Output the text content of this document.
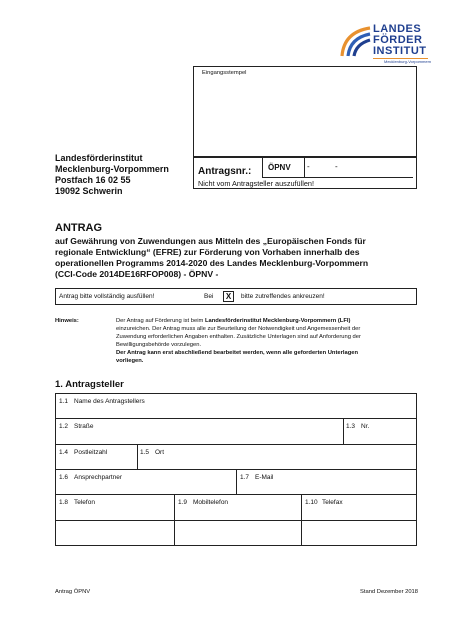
LANDES
FÖRDER
INSTITUT
Mecklenburg-Vorpommern
Eingangsstempel
Landesförderinstitut
Mecklenburg-Vorpommern
Postfach 16 02 55
19092 Schwerin
Antragsnr.: ÖPNV -	-
Nicht vom Antragsteller auszufüllen!
ANTRAG
auf Gewährung von Zuwendungen aus Mitteln des „Europäischen Fonds für
regionale Entwicklung“ (EFRE) zur Förderung von Vorhaben innerhalb des
operationellen Programms 2014-2020 des Landes Mecklenburg-Vorpommern
(CCI-Code 2014DE16RFOP008) - ÖPNV -
Antrag bitte vollständig ausfüllen!	Bei	X	bitte zutreffendes ankreuzen!
Hinweis:	Der Antrag auf Förderung ist beim Landesförderinstitut Mecklenburg-Vorpommern (LFI)
einzureichen. Der Antrag muss alle zur Beurteilung der Notwendigkeit und Angemessenheit der
Zuwendung erforderlichen Angaben enthalten. Zusätzliche Unterlagen sind auf Anforderung der
Bewilligungsbehörde vorzulegen.
Der Antrag kann erst abschließend bearbeitet werden, wenn alle geforderten Unterlagen
vorliegen.
1. Antragsteller
1.1 Name des Antragstellers
1.2 Straße	1.3 Nr.
1.4 Postleitzahl	1.5 Ort
1.6 Ansprechpartner	1.7 E-Mail
1.8 Telefon	1.9 Mobiltelefon	1.10 Telefax
Antrag ÖPNV	Stand Dezember 2018
